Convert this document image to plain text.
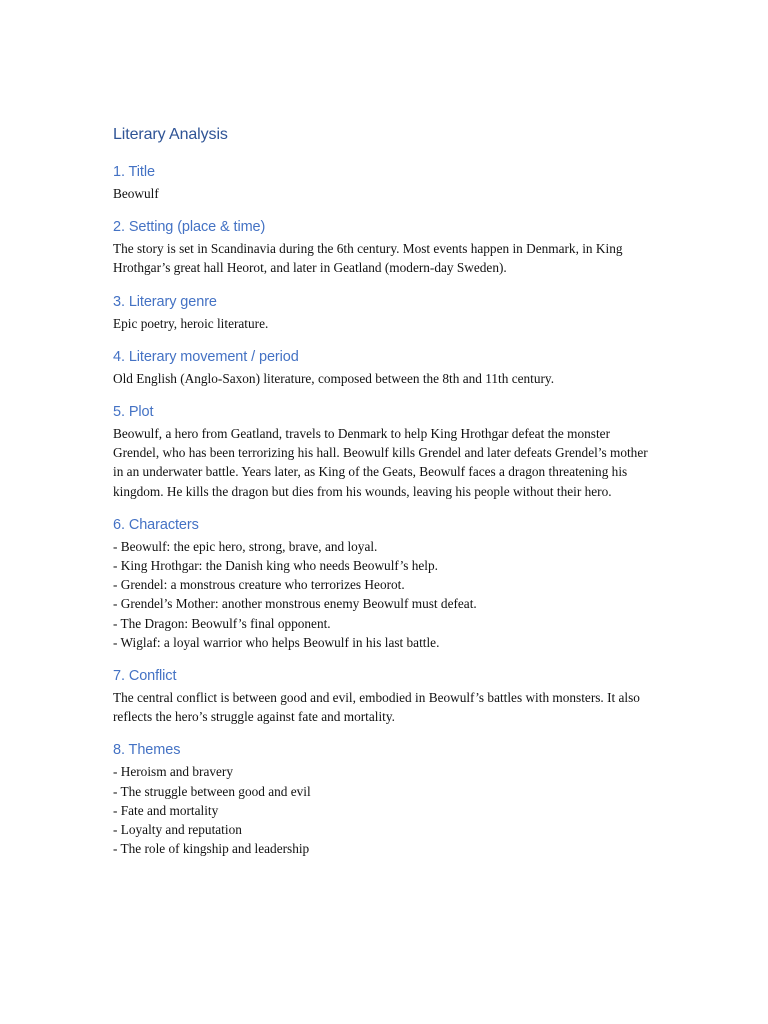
Literary Analysis
1. Title

Beowulf

2. Setting (place & time)

The story is set in Scandinavia during the 6th century. Most events happen in Denmark, in King Hrothgar’s great hall Heorot, and later in Geatland (modern-day Sweden).

3. Literary genre

Epic poetry, heroic literature.

4. Literary movement / period

Old English (Anglo-Saxon) literature, composed between the 8th and 11th century.

5. Plot

Beowulf, a hero from Geatland, travels to Denmark to help King Hrothgar defeat the monster Grendel, who has been terrorizing his hall. Beowulf kills Grendel and later defeats Grendel’s mother in an underwater battle. Years later, as King of the Geats, Beowulf faces a dragon threatening his kingdom. He kills the dragon but dies from his wounds, leaving his people without their hero.

6. Characters

- Beowulf: the epic hero, strong, brave, and loyal.
- King Hrothgar: the Danish king who needs Beowulf’s help.
- Grendel: a monstrous creature who terrorizes Heorot.
- Grendel’s Mother: another monstrous enemy Beowulf must defeat.
- The Dragon: Beowulf’s final opponent.
- Wiglaf: a loyal warrior who helps Beowulf in his last battle.

7. Conflict

The central conflict is between good and evil, embodied in Beowulf’s battles with monsters. It also reflects the hero’s struggle against fate and mortality.

8. Themes

- Heroism and bravery
- The struggle between good and evil
- Fate and mortality
- Loyalty and reputation
- The role of kingship and leadership
